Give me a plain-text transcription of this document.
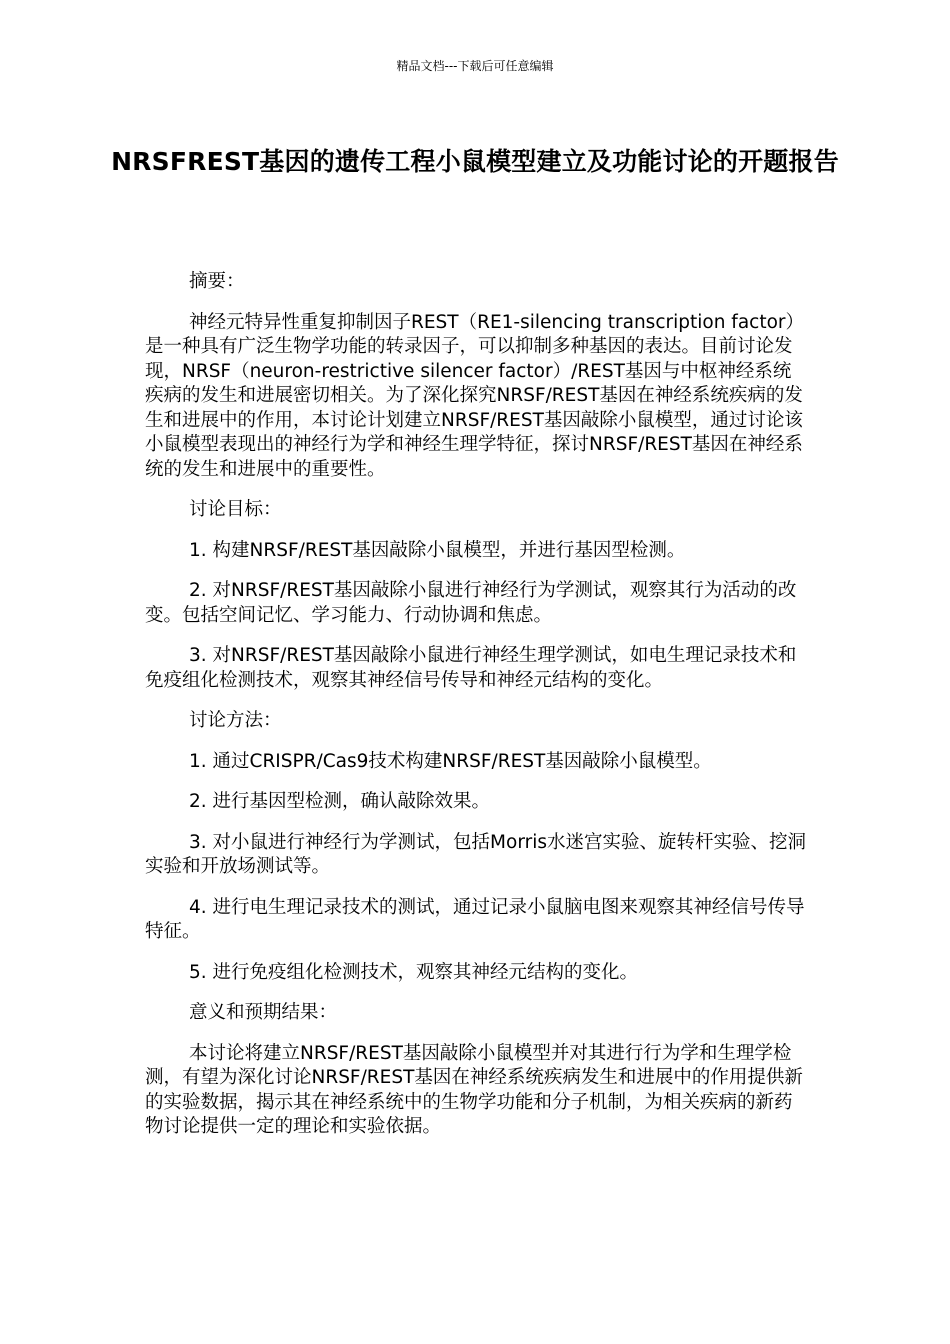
精品文档---下载后可任意编辑
NRSFREST基因的遗传工程小鼠模型建立及功能讨论的开题报告

摘要：

神经元特异性重复抑制因子REST（RE1-silencing transcription factor）是一种具有广泛生物学功能的转录因子，可以抑制多种基因的表达。目前讨论发现，NRSF（neuron-restrictive silencer factor）/REST基因与中枢神经系统疾病的发生和进展密切相关。为了深化探究NRSF/REST基因在神经系统疾病的发生和进展中的作用，本讨论计划建立NRSF/REST基因敲除小鼠模型，通过讨论该小鼠模型表现出的神经行为学和神经生理学特征，探讨NRSF/REST基因在神经系统的发生和进展中的重要性。

讨论目标：

1. 构建NRSF/REST基因敲除小鼠模型，并进行基因型检测。

2. 对NRSF/REST基因敲除小鼠进行神经行为学测试，观察其行为活动的改变。包括空间记忆、学习能力、行动协调和焦虑。

3. 对NRSF/REST基因敲除小鼠进行神经生理学测试，如电生理记录技术和免疫组化检测技术，观察其神经信号传导和神经元结构的变化。

讨论方法：

1. 通过CRISPR/Cas9技术构建NRSF/REST基因敲除小鼠模型。

2. 进行基因型检测，确认敲除效果。

3. 对小鼠进行神经行为学测试，包括Morris水迷宫实验、旋转杆实验、挖洞实验和开放场测试等。

4. 进行电生理记录技术的测试，通过记录小鼠脑电图来观察其神经信号传导特征。

5. 进行免疫组化检测技术，观察其神经元结构的变化。

意义和预期结果：

本讨论将建立NRSF/REST基因敲除小鼠模型并对其进行行为学和生理学检测，有望为深化讨论NRSF/REST基因在神经系统疾病发生和进展中的作用提供新的实验数据，揭示其在神经系统中的生物学功能和分子机制，为相关疾病的新药物讨论提供一定的理论和实验依据。
